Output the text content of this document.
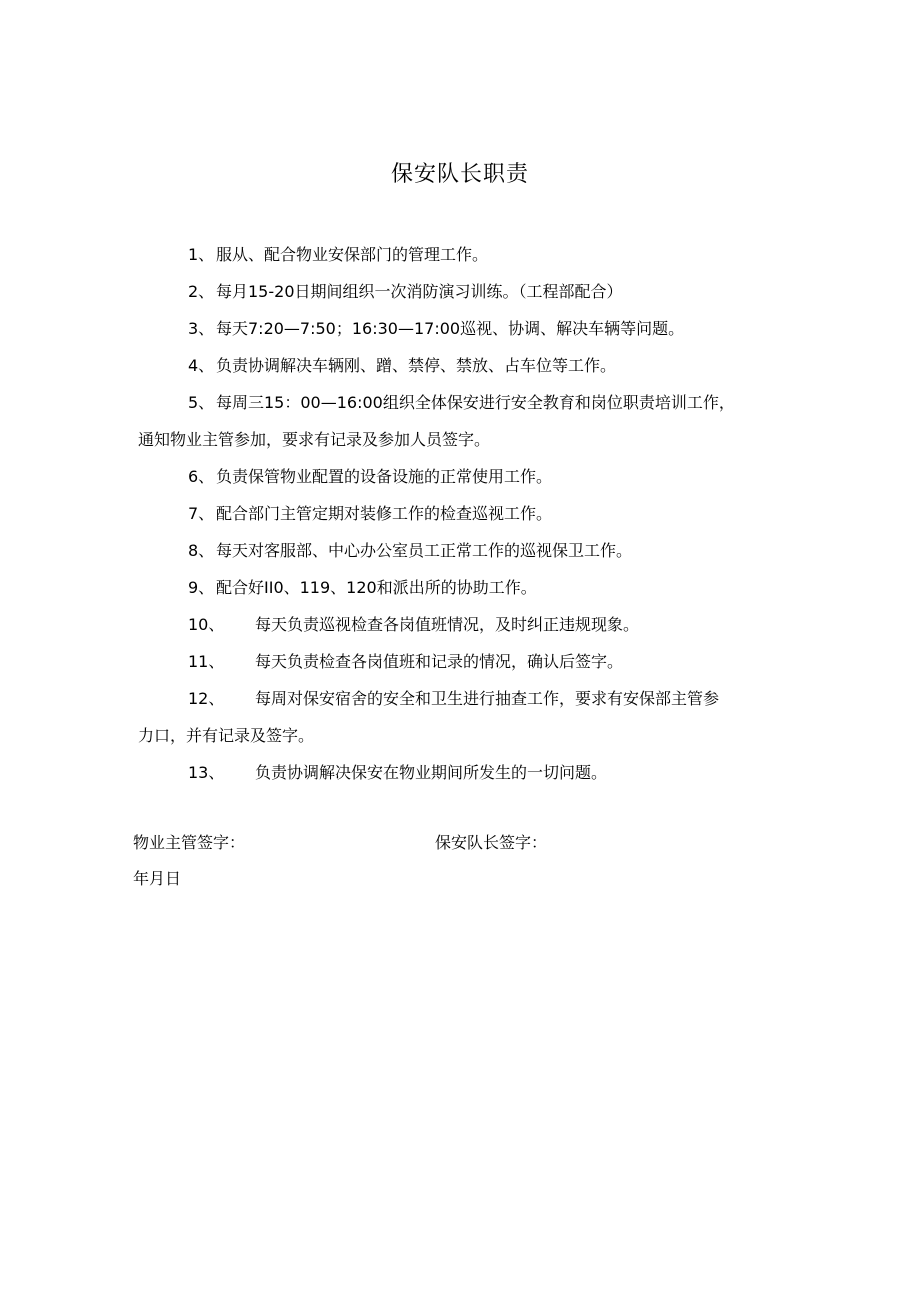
保安队长职责
1、 服从、配合物业安保部门的管理工作。
2、 每月15-20日期间组织一次消防演习训练。（工程部配合）
3、 每天7:20—7:50；16:30—17:00巡视、协调、解决车辆等问题。
4、 负责协调解决车辆刚、蹭、禁停、禁放、占车位等工作。
5、 每周三15：00—16:00组织全体保安进行安全教育和岗位职责培训工作，
通知物业主管参加，要求有记录及参加人员签字。
6、 负责保管物业配置的设备设施的正常使用工作。
7、 配合部门主管定期对装修工作的检查巡视工作。
8、 每天对客服部、中心办公室员工正常工作的巡视保卫工作。
9、 配合好II0、119、120和派出所的协助工作。
10、 每天负责巡视检查各岗值班情况，及时纠正违规现象。
11、 每天负责检查各岗值班和记录的情况，确认后签字。
12、 每周对保安宿舍的安全和卫生进行抽查工作，要求有安保部主管参
力口，并有记录及签字。
13、 负责协调解决保安在物业期间所发生的一切问题。
物业主管签字：	保安队长签字：
年月日
